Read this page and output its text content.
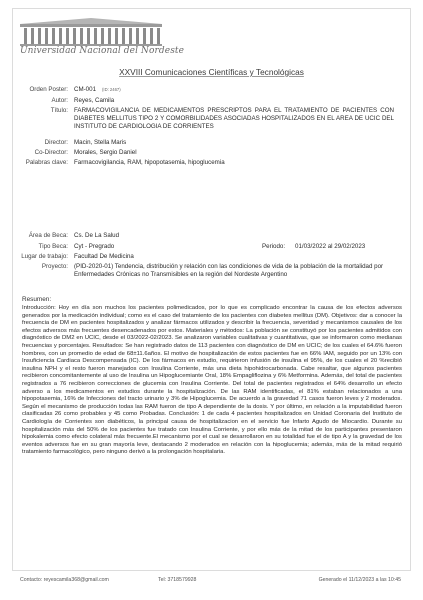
Universidad Nacional del Nordeste
XXVIII Comunicaciones Científicas y Tecnológicas
Orden Poster: CM-001 (ID: 2467)
Autor: Reyes, Camila
Título: FARMACOVIGILANCIA DE MEDICAMENTOS PRESCRIPTOS PARA EL TRATAMIENTO DE PACIENTES CON DIABETES MELLITUS TIPO 2 Y COMORBILIDADES ASOCIADAS HOSPITALIZADOS EN EL AREA DE UCIC DEL INSTITUTO DE CARDIOLOGIA DE CORRIENTES
Director: Macin, Stella Maris
Co-Director: Morales, Sergio Daniel
Palabras clave: Farmacovigilancia, RAM, hipopotasemia, hipoglucemia
Área de Beca: Cs. De La Salud
Tipo Beca: Cyt - Pregrado	Periodo: 01/03/2022 al 29/02/2023
Lugar de trabajo: Facultad De Medicina
Proyecto: (PID-2020-01) Tendencia, distribución y relación con las condiciones de vida de la población de la mortalidad por Enfermedades Crónicas no Transmisibles en la región del Nordeste Argentino
Resumen:
Introducción: Hoy en día son muchos los pacientes polimedicados, por lo que es complicado encontrar la causa de los efectos adversos generados por la medicación individual; como es el caso del tratamiento de los pacientes con diabetes mellitus (DM). Objetivos: dar a conocer la frecuencia de DM en pacientes hospitalizados y analizar fármacos utilizados y describir la frecuencia, severidad y mecanismos causales de los efectos adversos más frecuentes desencadenados por estos. Materiales y métodos: La población se constituyó por los pacientes admitidos con diagnóstico de DM2 en UCIC, desde el 03/2022-02/2023. Se analizaron variables cualitativas y cuantitativas, que se informaron como medianas frecuencias y porcentajes. Resultados: Se han registrado datos de 113 pacientes con diagnóstico de DM en UCIC; de los cuales el 64.6% fueron hombres, con un promedio de edad de 68±11.6años. El motivo de hospitalización de estos pacientes fue en 66% IAM, seguido por un 13% con Insuficiencia Cardiaca Descompensada (IC). De los fármacos en estudio, requirieron infusión de insulina el 95%, de los cuales el 20 %recibió insulina NPH y el resto fueron manejados con Insulina Corriente, más una dieta hipohidrocarbonada. Cabe resaltar, que algunos pacientes recibieron concomitantemente al uso de Insulina un Hipoglucemiante Oral, 18% Empagliflozina y 6% Metformina. Además, del total de pacientes registrados a 76 recibieron correcciones de glucemia con Insulina Corriente. Del total de pacientes registrados el 64% desarrollo un efecto adverso a los medicamentos en estudios durante la hospitalización. De las RAM identificadas, el 81% estaban relacionados a una hipopotasemia, 16% de Infecciones del tracto urinario y 3% de Hipoglucemia. De acuerdo a la gravedad 71 casos fueron leves y 2 moderados. Según el mecanismo de producción todas las RAM fueron de tipo A dependiente de la dosis. Y por último, en relación a la imputabilidad fueron clasificadas 26 como probables y 45 como Probadas. Conclusión: 1 de cada 4 pacientes hospitalizados en Unidad Coronaria del Instituto de Cardiología de Corrientes son diabéticos, la principal causa de hospitalizacion en el servicio fue Infarto Agudo de Miocardio. Durante su hospitalización más del 50% de los pacientes fue tratado con Insulina Corriente, y por ello más de la mitad de los participantes presentaron hipokalemia como efecto colateral más frecuente.El mecanismo por el cual se desarrollaron en su totalidad fue el de tipo A y la gravedad de los eventos adversos fue en su gran mayoría leve, destacando 2 moderados en relación con la hipoglucemia; además, más de la mitad requirió tratamiento farmacológico, pero ninguno derivó a la prolongación hospitalaria.
Contacto: reyescamila368@gmail.com	Tel: 3718579928	Generado el 11/12/2023 a las 10:45
